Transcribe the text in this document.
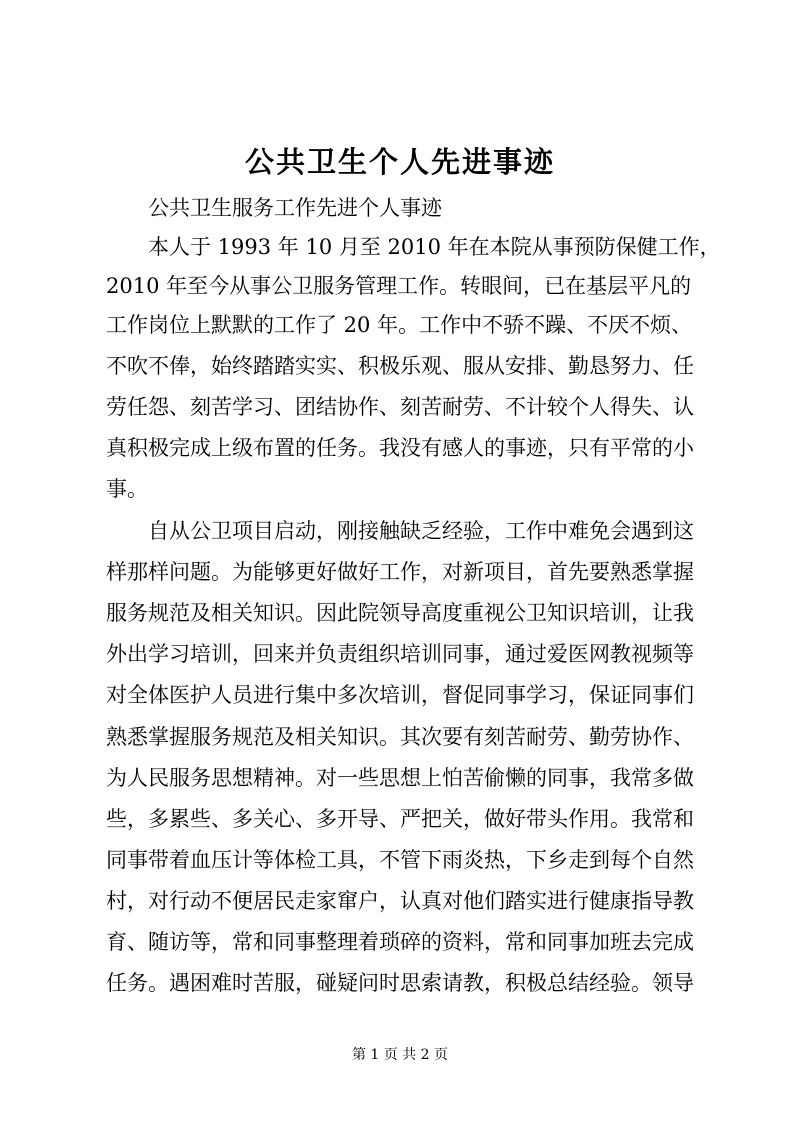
公共卫生个人先进事迹

公共卫生服务工作先进个人事迹

本人于 1993 年 10 月至 2010 年在本院从事预防保健工作，

2010 年至今从事公卫服务管理工作。转眼间，已在基层平凡的

工作岗位上默默的工作了 20 年。工作中不骄不躁、不厌不烦、

不吹不俸，始终踏踏实实、积极乐观、服从安排、勤恳努力、任

劳任怨、刻苦学习、团结协作、刻苦耐劳、不计较个人得失、认

真积极完成上级布置的任务。我没有感人的事迹，只有平常的小

事。

自从公卫项目启动，刚接触缺乏经验，工作中难免会遇到这

样那样问题。为能够更好做好工作，对新项目，首先要熟悉掌握

服务规范及相关知识。因此院领导高度重视公卫知识培训，让我

外出学习培训，回来并负责组织培训同事，通过爱医网教视频等

对全体医护人员进行集中多次培训，督促同事学习，保证同事们

熟悉掌握服务规范及相关知识。其次要有刻苦耐劳、勤劳协作、

为人民服务思想精神。对一些思想上怕苦偷懒的同事，我常多做

些，多累些、多关心、多开导、严把关，做好带头作用。我常和

同事带着血压计等体检工具，不管下雨炎热，下乡走到每个自然

村，对行动不便居民走家窜户，认真对他们踏实进行健康指导教

育、随访等，常和同事整理着琐碎的资料，常和同事加班去完成

任务。遇困难时苦服，碰疑问时思索请教，积极总结经验。领导

第 1 页 共 2 页
